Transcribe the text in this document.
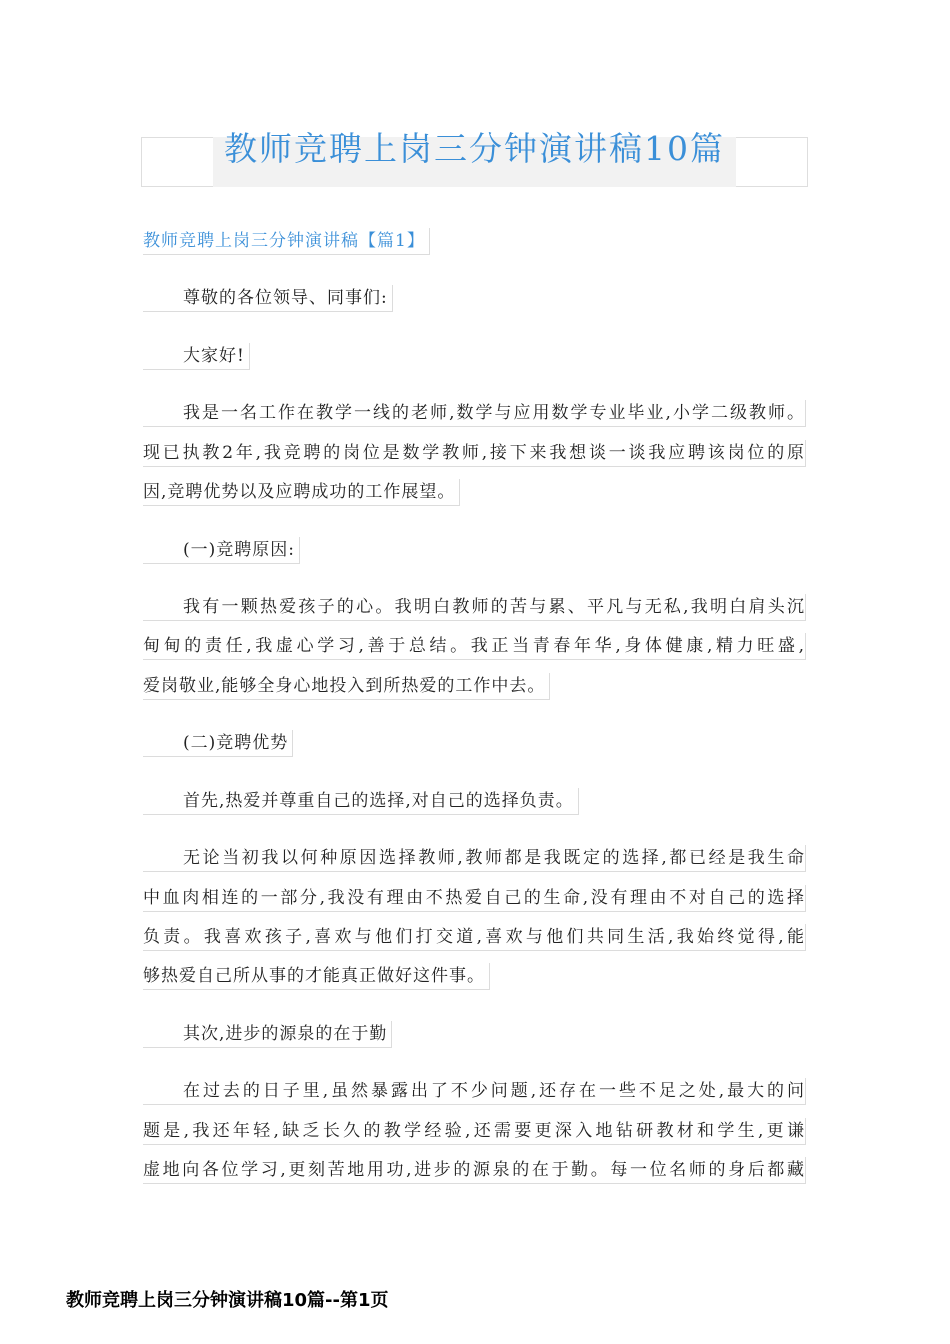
教师竞聘上岗三分钟演讲稿10篇
教师竞聘上岗三分钟演讲稿【篇1】
尊敬的各位领导、同事们:
大家好!
我是一名工作在教学一线的老师,数学与应用数学专业毕业,小学二级教师。
现已执教2年,我竞聘的岗位是数学教师,接下来我想谈一谈我应聘该岗位的原
因,竞聘优势以及应聘成功的工作展望。
(一)竞聘原因:
我有一颗热爱孩子的心。我明白教师的苦与累、平凡与无私,我明白肩头沉
甸甸的责任,我虚心学习,善于总结。我正当青春年华,身体健康,精力旺盛,
爱岗敬业,能够全身心地投入到所热爱的工作中去。
(二)竞聘优势
首先,热爱并尊重自己的选择,对自己的选择负责。
无论当初我以何种原因选择教师,教师都是我既定的选择,都已经是我生命
中血肉相连的一部分,我没有理由不热爱自己的生命,没有理由不对自己的选择
负责。我喜欢孩子,喜欢与他们打交道,喜欢与他们共同生活,我始终觉得,能
够热爱自己所从事的才能真正做好这件事。
其次,进步的源泉的在于勤
在过去的日子里,虽然暴露出了不少问题,还存在一些不足之处,最大的问
题是,我还年轻,缺乏长久的教学经验,还需要更深入地钻研教材和学生,更谦
虚地向各位学习,更刻苦地用功,进步的源泉的在于勤。每一位名师的身后都藏
教师竞聘上岗三分钟演讲稿10篇--第1页
